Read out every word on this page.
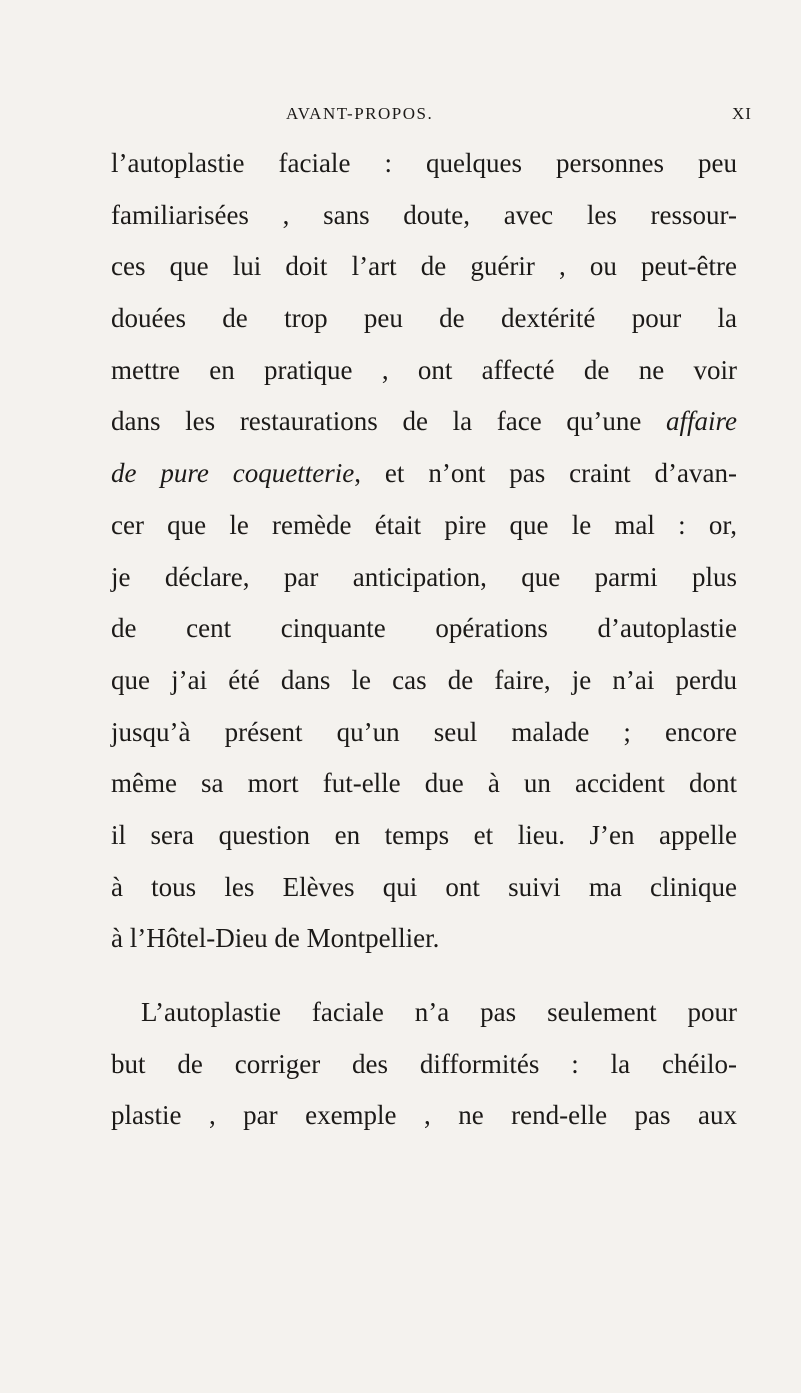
AVANT-PROPOS.	XI
l’autoplastie faciale : quelques personnes peu
familiarisées , sans doute, avec les ressour-
ces que lui doit l’art de guérir , ou peut-être
douées de trop peu de dextérité pour la
mettre en pratique , ont affecté de ne voir
dans les restaurations de la face qu’une affaire
de pure coquetterie, et n’ont pas craint d’avan-
cer que le remède était pire que le mal : or,
je déclare, par anticipation, que parmi plus
de cent cinquante opérations d’autoplastie
que j’ai été dans le cas de faire, je n’ai perdu
jusqu’à présent qu’un seul malade ; encore
même sa mort fut-elle due à un accident dont
il sera question en temps et lieu. J’en appelle
à tous les Elèves qui ont suivi ma clinique
à l’Hôtel-Dieu de Montpellier.
L’autoplastie faciale n’a pas seulement pour
but de corriger des difformités : la chéilo-
plastie , par exemple , ne rend-elle pas aux
